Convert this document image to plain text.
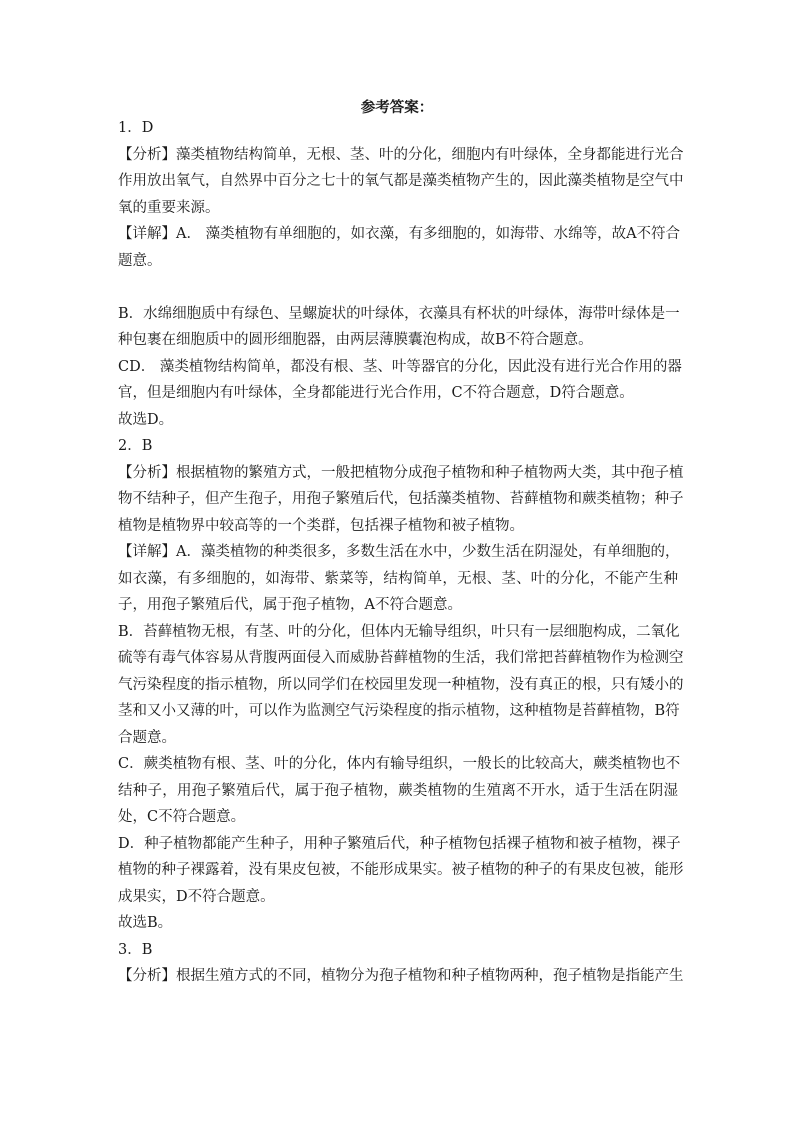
参考答案：
1．D
【分析】藻类植物结构简单，无根、茎、叶的分化，细胞内有叶绿体，全身都能进行光合
作用放出氧气，自然界中百分之七十的氧气都是藻类植物产生的，因此藻类植物是空气中
氧的重要来源。
【详解】A． 藻类植物有单细胞的，如衣藻，有多细胞的，如海带、水绵等，故A不符合
题意。
B．水绵细胞质中有绿色、呈螺旋状的叶绿体，衣藻具有杯状的叶绿体，海带叶绿体是一
种包裹在细胞质中的圆形细胞器，由两层薄膜囊泡构成，故B不符合题意。
CD． 藻类植物结构简单，都没有根、茎、叶等器官的分化，因此没有进行光合作用的器
官，但是细胞内有叶绿体，全身都能进行光合作用，C不符合题意，D符合题意。
故选D。
2．B
【分析】根据植物的繁殖方式，一般把植物分成孢子植物和种子植物两大类，其中孢子植
物不结种子，但产生孢子，用孢子繁殖后代，包括藻类植物、苔藓植物和蕨类植物；种子
植物是植物界中较高等的一个类群，包括裸子植物和被子植物。
【详解】A．藻类植物的种类很多，多数生活在水中，少数生活在阴湿处，有单细胞的，
如衣藻，有多细胞的，如海带、紫菜等，结构简单，无根、茎、叶的分化，不能产生种
子，用孢子繁殖后代，属于孢子植物，A不符合题意。
B．苔藓植物无根，有茎、叶的分化，但体内无输导组织，叶只有一层细胞构成，二氧化
硫等有毒气体容易从背腹两面侵入而威胁苔藓植物的生活，我们常把苔藓植物作为检测空
气污染程度的指示植物，所以同学们在校园里发现一种植物，没有真正的根，只有矮小的
茎和又小又薄的叶，可以作为监测空气污染程度的指示植物，这种植物是苔藓植物，B符
合题意。
C．蕨类植物有根、茎、叶的分化，体内有输导组织，一般长的比较高大，蕨类植物也不
结种子，用孢子繁殖后代，属于孢子植物，蕨类植物的生殖离不开水，适于生活在阴湿
处，C不符合题意。
D．种子植物都能产生种子，用种子繁殖后代，种子植物包括裸子植物和被子植物，裸子
植物的种子裸露着，没有果皮包被，不能形成果实。被子植物的种子的有果皮包被，能形
成果实，D不符合题意。
故选B。
3．B
【分析】根据生殖方式的不同，植物分为孢子植物和种子植物两种，孢子植物是指能产生
